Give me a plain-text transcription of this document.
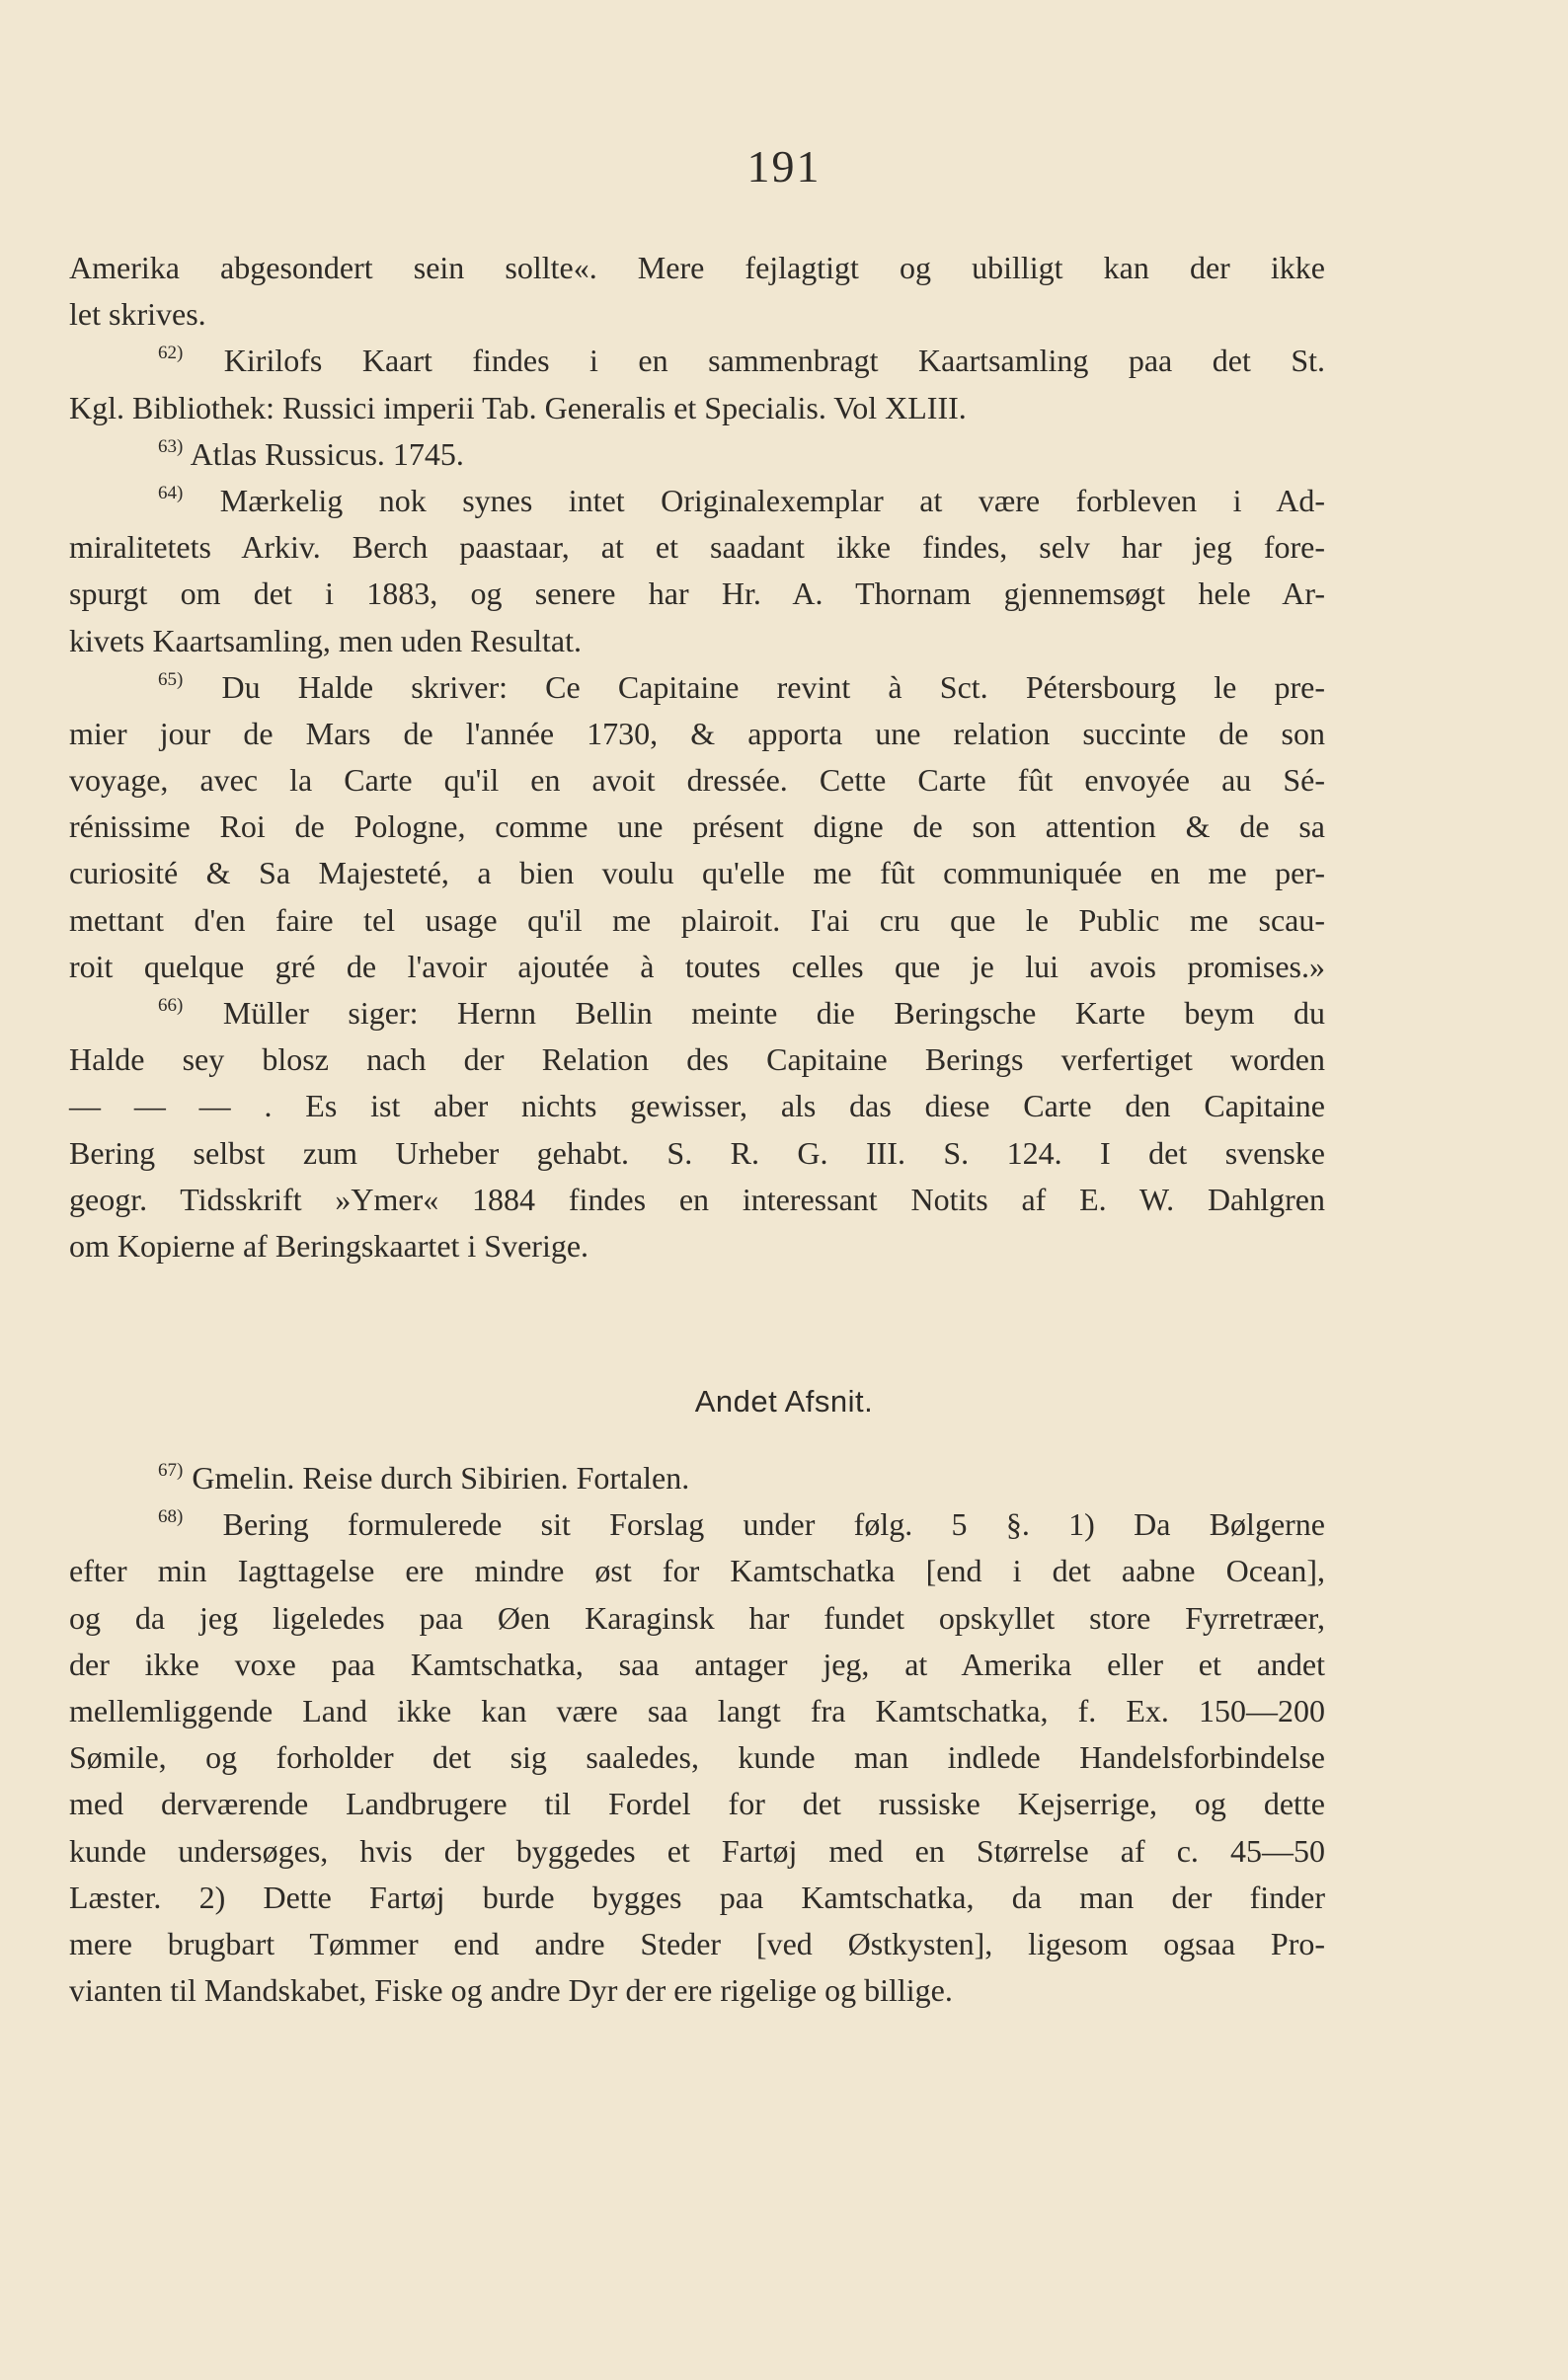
191
Amerika abgesondert sein sollte«. Mere fejlagtigt og ubilligt kan der ikke
let skrives.
$^{62)}$ Kirilofs Kaart findes i en sammenbragt Kaartsamling paa det St.
Kgl. Bibliothek: Russici imperii Tab. Generalis et Specialis. Vol XLIII.
$^{63)}$ Atlas Russicus. 1745.
$^{64)}$ Mærkelig nok synes intet Originalexemplar at være forbleven i Ad-
miralitetets Arkiv. Berch paastaar, at et saadant ikke findes, selv har jeg fore-
spurgt om det i 1883, og senere har Hr. A. Thornam gjennemsøgt hele Ar-
kivets Kaartsamling, men uden Resultat.
$^{65)}$ Du Halde skriver: Ce Capitaine revint à Sct. Pétersbourg le pre-
mier jour de Mars de l'année 1730, & apporta une relation succinte de son
voyage, avec la Carte qu'il en avoit dressée. Cette Carte fût envoyée au Sé-
rénissime Roi de Pologne, comme une présent digne de son attention & de sa
curiosité & Sa Majesteté, a bien voulu qu'elle me fût communiquée en me per-
mettant d'en faire tel usage qu'il me plairoit. I'ai cru que le Public me scau-
roit quelque gré de l'avoir ajoutée à toutes celles que je lui avois promises.»
$^{66)}$ Müller siger: Hernn Bellin meinte die Beringsche Karte beym du
Halde sey blosz nach der Relation des Capitaine Berings verfertiget worden
— — — . Es ist aber nichts gewisser, als das diese Carte den Capitaine
Bering selbst zum Urheber gehabt. S. R. G. III. S. 124. I det svenske
geogr. Tidsskrift »Ymer« 1884 findes en interessant Notits af E. W. Dahlgren
om Kopierne af Beringskaartet i Sverige.
Andet Afsnit.
$^{67)}$ Gmelin. Reise durch Sibirien. Fortalen.
$^{68)}$ Bering formulerede sit Forslag under følg. 5 §. 1) Da Bølgerne
efter min Iagttagelse ere mindre øst for Kamtschatka [end i det aabne Ocean],
og da jeg ligeledes paa Øen Karaginsk har fundet opskyllet store Fyrretræer,
der ikke voxe paa Kamtschatka, saa antager jeg, at Amerika eller et andet
mellemliggende Land ikke kan være saa langt fra Kamtschatka, f. Ex. 150—200
Sømile, og forholder det sig saaledes, kunde man indlede Handelsforbindelse
med derværende Landbrugere til Fordel for det russiske Kejserrige, og dette
kunde undersøges, hvis der byggedes et Fartøj med en Størrelse af c. 45—50
Læster. 2) Dette Fartøj burde bygges paa Kamtschatka, da man der finder
mere brugbart Tømmer end andre Steder [ved Østkysten], ligesom ogsaa Pro-
vianten til Mandskabet, Fiske og andre Dyr der ere rigelige og billige.
